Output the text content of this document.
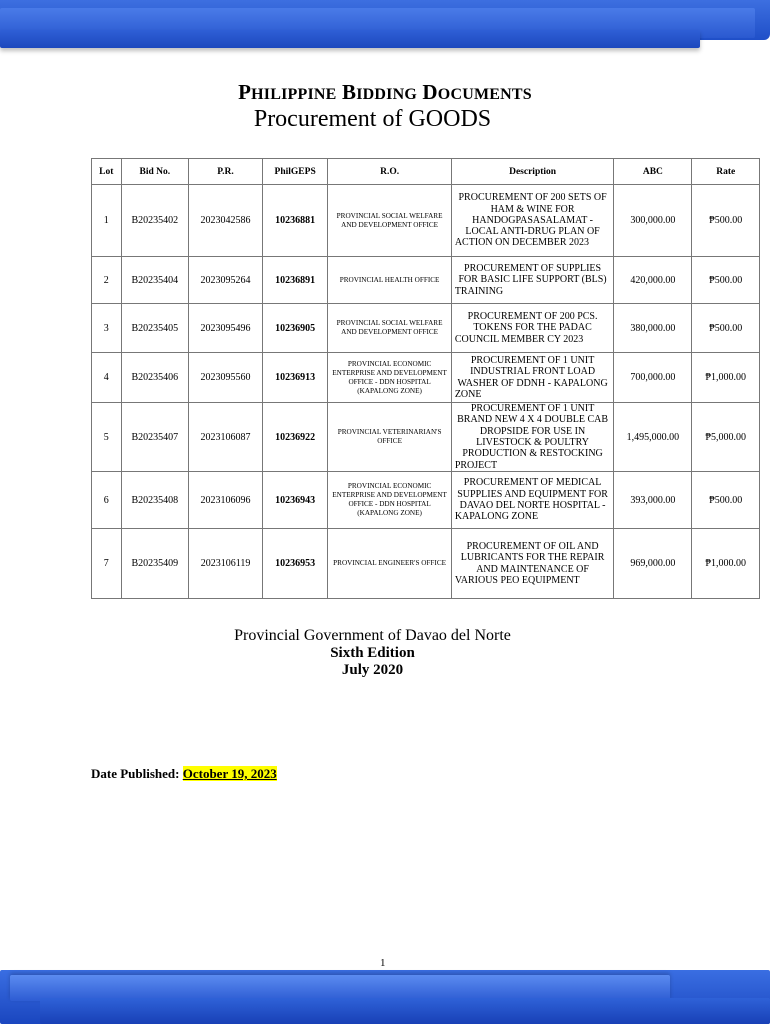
PHILIPPINE BIDDING DOCUMENTS
Procurement of GOODS
Lot	Bid No.	P.R.	PhilGEPS	R.O.	Description	ABC	Rate
1	B20235402	2023042586	10236881	PROVINCIAL SOCIAL WELFARE AND DEVELOPMENT OFFICE	PROCUREMENT OF 200 SETS OF HAM & WINE FOR HANDOGPASASALAMAT - LOCAL ANTI-DRUG PLAN OF ACTION ON DECEMBER 2023	300,000.00	₱500.00
2	B20235404	2023095264	10236891	PROVINCIAL HEALTH OFFICE	PROCUREMENT OF SUPPLIES FOR BASIC LIFE SUPPORT (BLS) TRAINING	420,000.00	₱500.00
3	B20235405	2023095496	10236905	PROVINCIAL SOCIAL WELFARE AND DEVELOPMENT OFFICE	PROCUREMENT OF 200 PCS. TOKENS FOR THE PADAC COUNCIL MEMBER CY 2023	380,000.00	₱500.00
4	B20235406	2023095560	10236913	PROVINCIAL ECONOMIC ENTERPRISE AND DEVELOPMENT OFFICE - DDN HOSPITAL (KAPALONG ZONE)	PROCUREMENT OF 1 UNIT INDUSTRIAL FRONT LOAD WASHER OF DDNH - KAPALONG ZONE	700,000.00	₱1,000.00
5	B20235407	2023106087	10236922	PROVINCIAL VETERINARIAN'S OFFICE	PROCUREMENT OF 1 UNIT BRAND NEW 4 X 4 DOUBLE CAB DROPSIDE FOR USE IN LIVESTOCK & POULTRY PRODUCTION & RESTOCKING PROJECT	1,495,000.00	₱5,000.00
6	B20235408	2023106096	10236943	PROVINCIAL ECONOMIC ENTERPRISE AND DEVELOPMENT OFFICE - DDN HOSPITAL (KAPALONG ZONE)	PROCUREMENT OF MEDICAL SUPPLIES AND EQUIPMENT FOR DAVAO DEL NORTE HOSPITAL - KAPALONG ZONE	393,000.00	₱500.00
7	B20235409	2023106119	10236953	PROVINCIAL ENGINEER'S OFFICE	PROCUREMENT OF OIL AND LUBRICANTS FOR THE REPAIR AND MAINTENANCE OF VARIOUS PEO EQUIPMENT	969,000.00	₱1,000.00
Provincial Government of Davao del Norte
Sixth Edition
July 2020
Date Published: October 19, 2023
1
